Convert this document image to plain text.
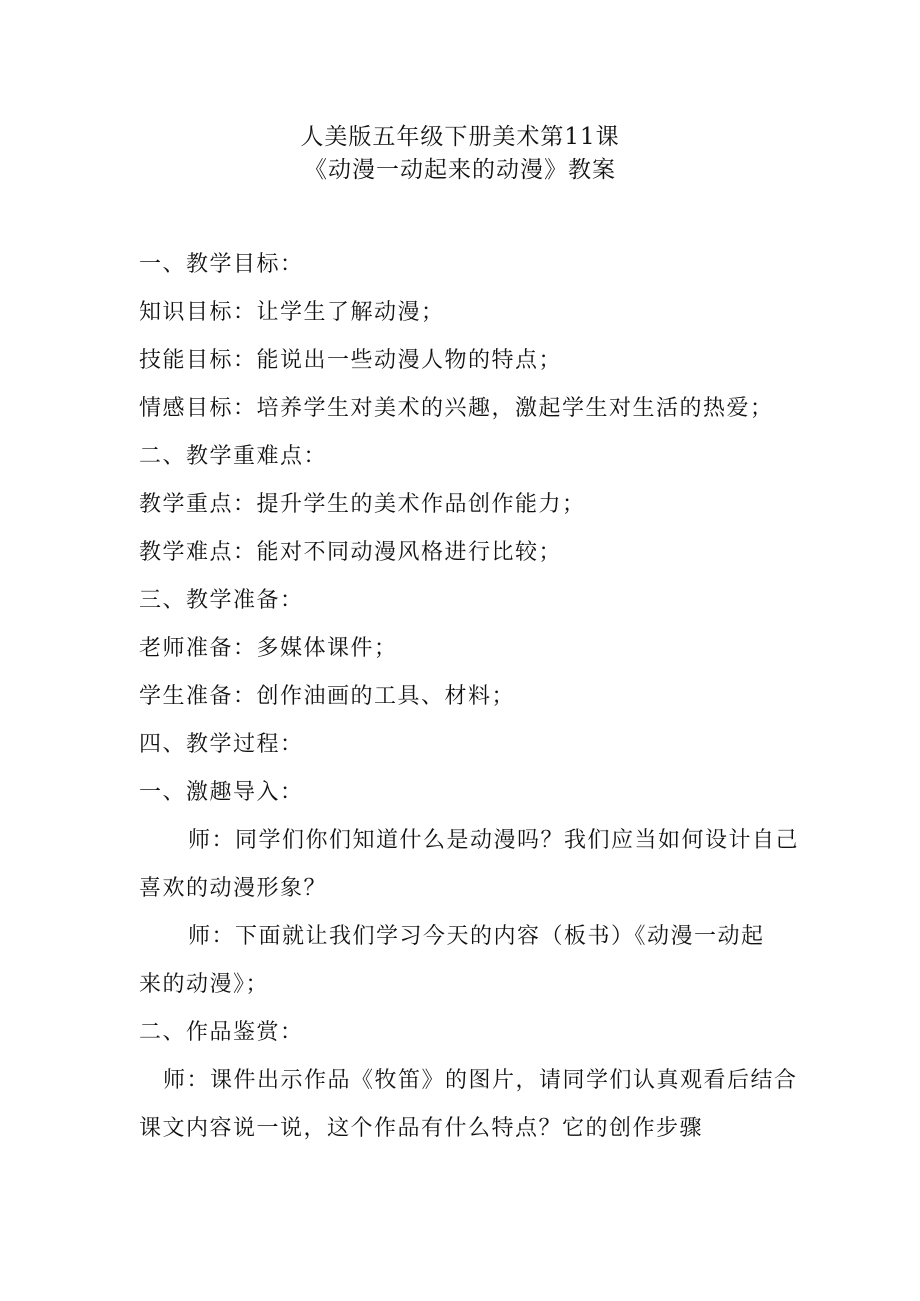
人美版五年级下册美术第11课
《动漫一动起来的动漫》教案
一、教学目标：
知识目标：让学生了解动漫；
技能目标：能说出一些动漫人物的特点；
情感目标：培养学生对美术的兴趣，激起学生对生活的热爱；
二、教学重难点：
教学重点：提升学生的美术作品创作能力；
教学难点：能对不同动漫风格进行比较；
三、教学准备：
老师准备：多媒体课件；
学生准备：创作油画的工具、材料；
四、教学过程：
一、激趣导入：
师：同学们你们知道什么是动漫吗？我们应当如何设计自己
喜欢的动漫形象？
师：下面就让我们学习今天的内容（板书）《动漫一动起
来的动漫》；
二、作品鉴赏：
师：课件出示作品《牧笛》的图片，请同学们认真观看后结合
课文内容说一说，这个作品有什么特点？它的创作步骤
